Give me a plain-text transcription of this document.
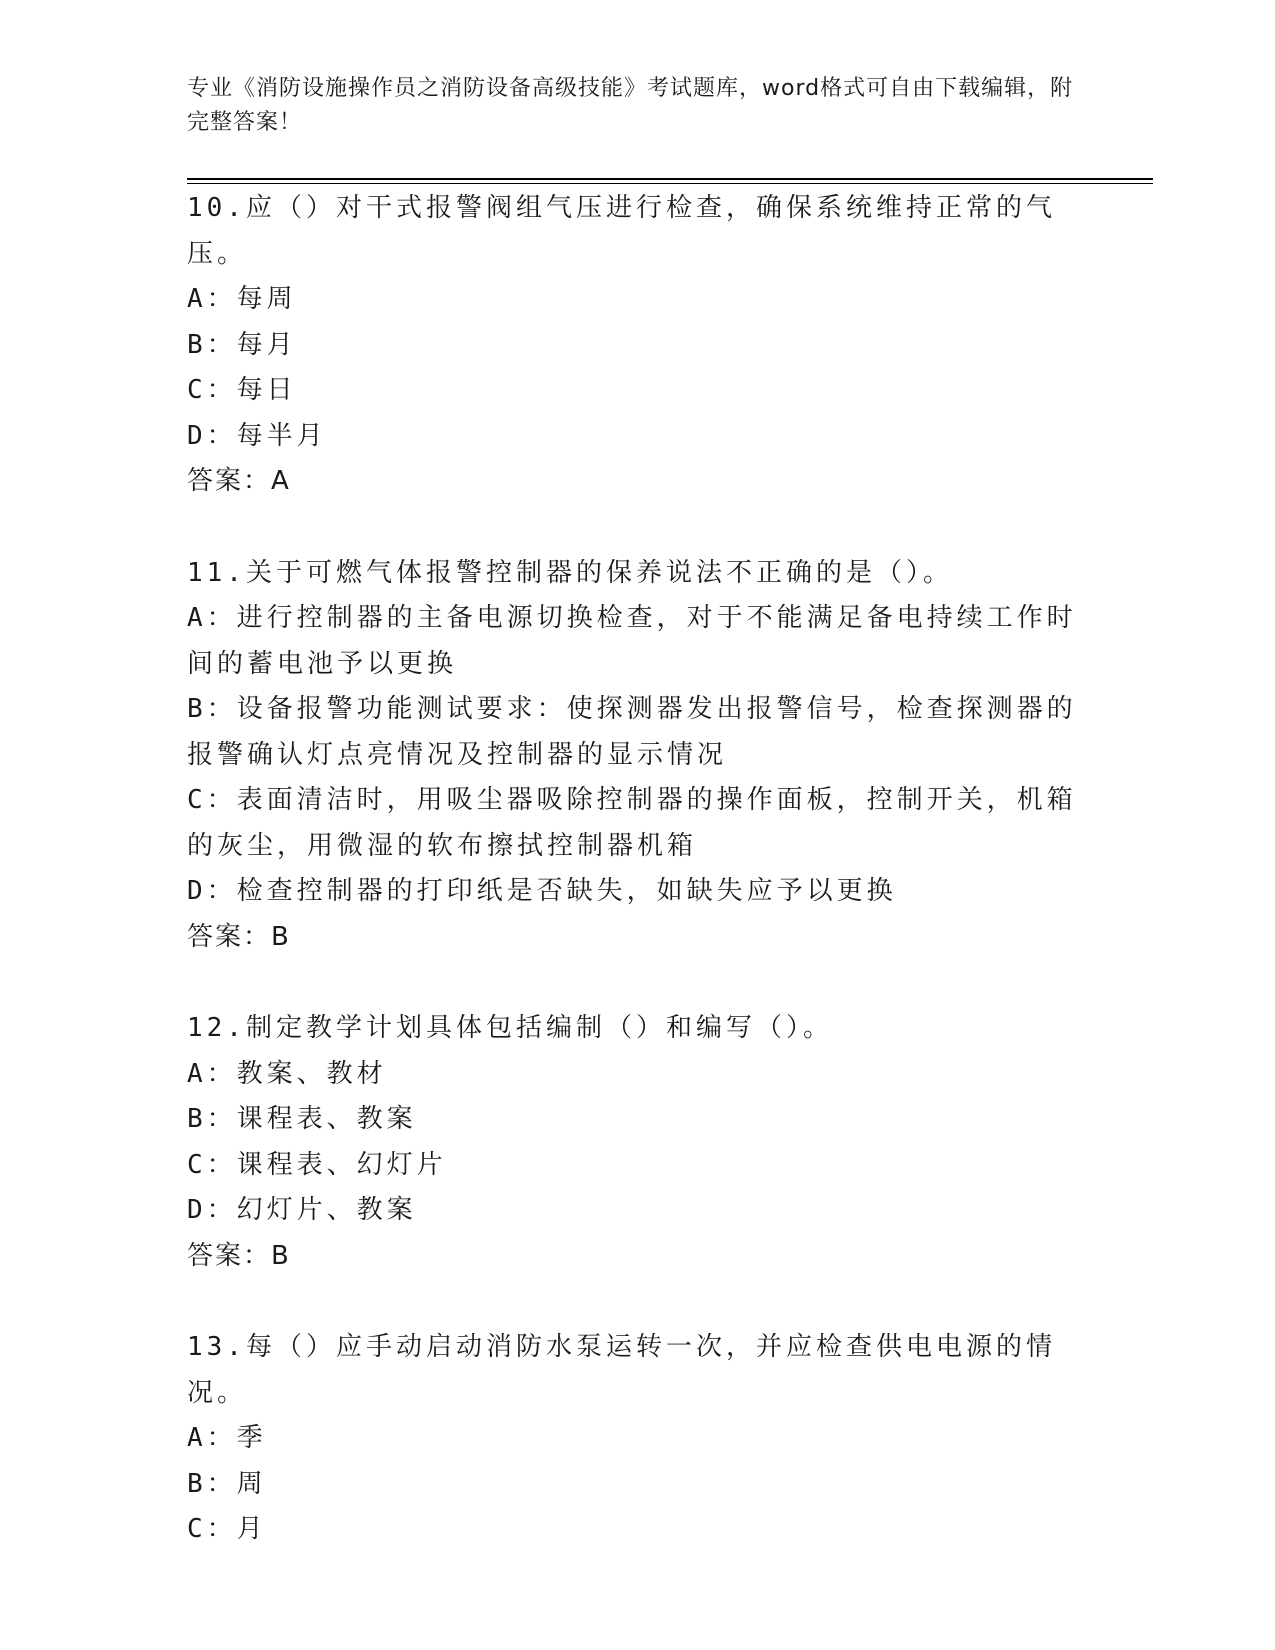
专业《消防设施操作员之消防设备高级技能》考试题库，word格式可自由下载编辑，附完整答案！
10.应（）对干式报警阀组气压进行检查，确保系统维持正常的气压。
A：每周
B：每月
C：每日
D：每半月
答案：A
11.关于可燃气体报警控制器的保养说法不正确的是（）。
A：进行控制器的主备电源切换检查，对于不能满足备电持续工作时间的蓄电池予以更换
B：设备报警功能测试要求：使探测器发出报警信号，检查探测器的报警确认灯点亮情况及控制器的显示情况
C：表面清洁时，用吸尘器吸除控制器的操作面板，控制开关，机箱的灰尘，用微湿的软布擦拭控制器机箱
D：检查控制器的打印纸是否缺失，如缺失应予以更换
答案：B
12.制定教学计划具体包括编制（）和编写（）。
A：教案、教材
B：课程表、教案
C：课程表、幻灯片
D：幻灯片、教案
答案：B
13.每（）应手动启动消防水泵运转一次，并应检查供电电源的情况。
A：季
B：周
C：月
